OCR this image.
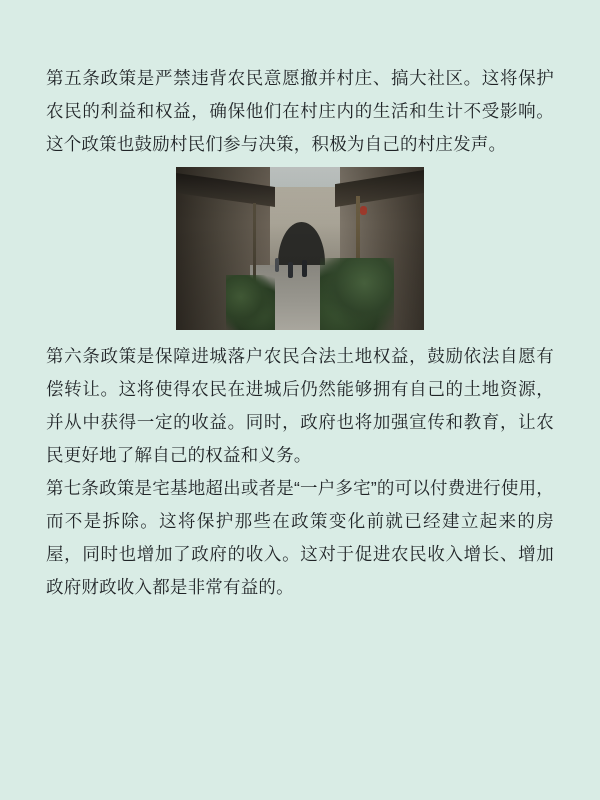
第五条政策是严禁违背农民意愿撤并村庄、搞大社区。这将保护农民的利益和权益，确保他们在村庄内的生活和生计不受影响。这个政策也鼓励村民们参与决策，积极为自己的村庄发声。

第六条政策是保障进城落户农民合法土地权益，鼓励依法自愿有偿转让。这将使得农民在进城后仍然能够拥有自己的土地资源，并从中获得一定的收益。同时，政府也将加强宣传和教育，让农民更好地了解自己的权益和义务。

第七条政策是宅基地超出或者是“一户多宅”的可以付费进行使用，而不是拆除。这将保护那些在政策变化前就已经建立起来的房屋，同时也增加了政府的收入。这对于促进农民收入增长、增加政府财政收入都是非常有益的。
